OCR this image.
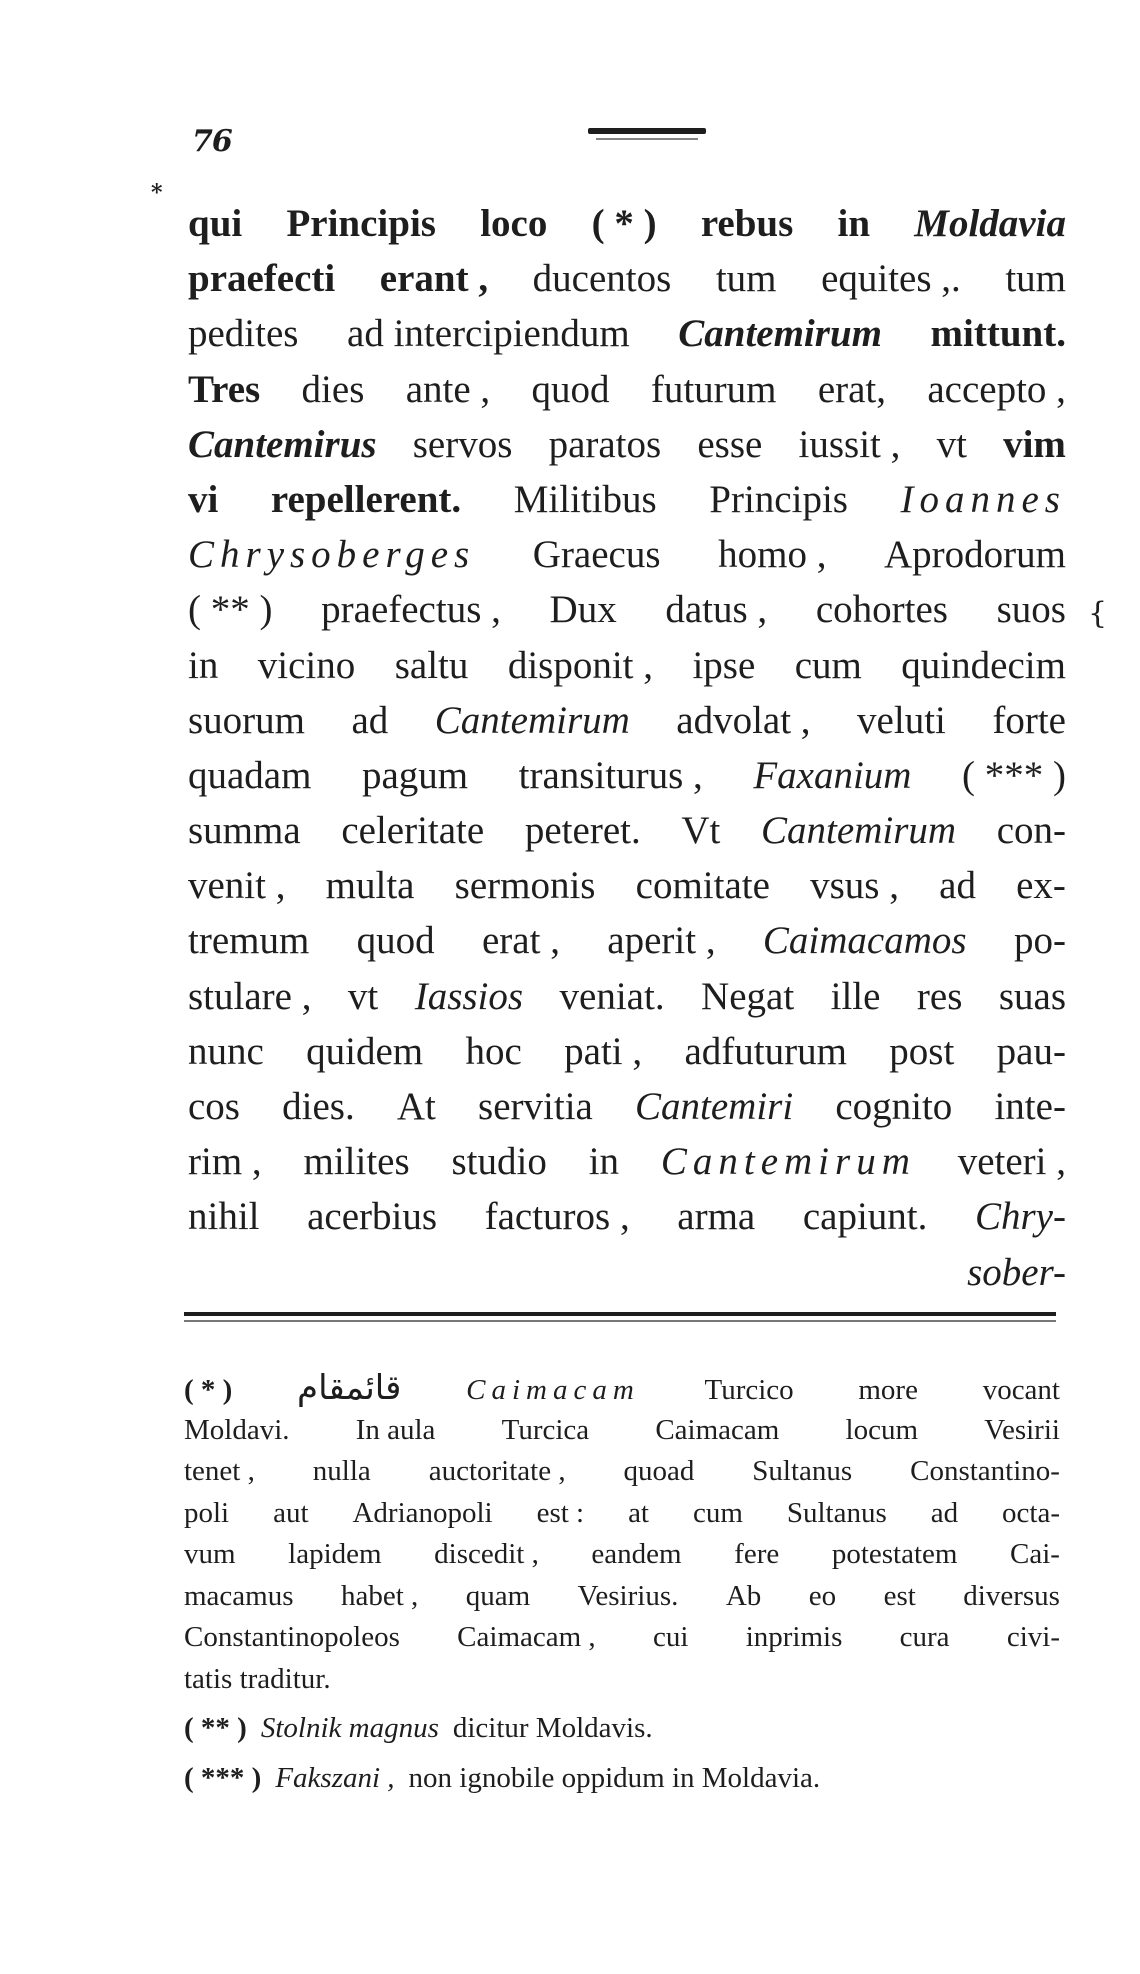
76
*
{
qui Principis loco ( * ) rebus in Moldavia
praefecti erant , ducentos tum equites ,. tum
pedites ad intercipiendum Cantemirum mittunt.
Tres dies ante , quod futurum erat, accepto ,
Cantemirus servos paratos esse iussit , vt vim
vi repellerent. Militibus Principis Ioannes
Chrysoberges Graecus homo , Aprodorum
( ** ) praefectus , Dux datus , cohortes suos
in vicino saltu disponit , ipse cum quindecim
suorum ad Cantemirum advolat , veluti forte
quadam pagum transiturus , Faxanium ( *** )
summa celeritate peteret. Vt Cantemirum con-
venit , multa sermonis comitate vsus , ad ex-
tremum quod erat , aperit , Caimacamos po-
stulare , vt Iassios veniat. Negat ille res suas
nunc quidem hoc pati , adfuturum post pau-
cos dies. At servitia Cantemiri cognito inte-
rim , milites studio in Cantemirum veteri ,
nihil acerbius facturos , arma capiunt. Chry-
sober-
( * ) قائمقام Caimacam Turcico more vocant
Moldavi. In aula Turcica Caimacam locum Vesirii
tenet , nulla auctoritate , quoad Sultanus Constantino-
poli aut Adrianopoli est : at cum Sultanus ad octa-
vum lapidem discedit , eandem fere potestatem Cai-
macamus habet , quam Vesirius. Ab eo est diversus
Constantinopoleos Caimacam , cui inprimis cura civi-
tatis traditur.
( ** ) Stolnik magnus dicitur Moldavis.
( *** ) Fakszani , non ignobile oppidum in Moldavia.
